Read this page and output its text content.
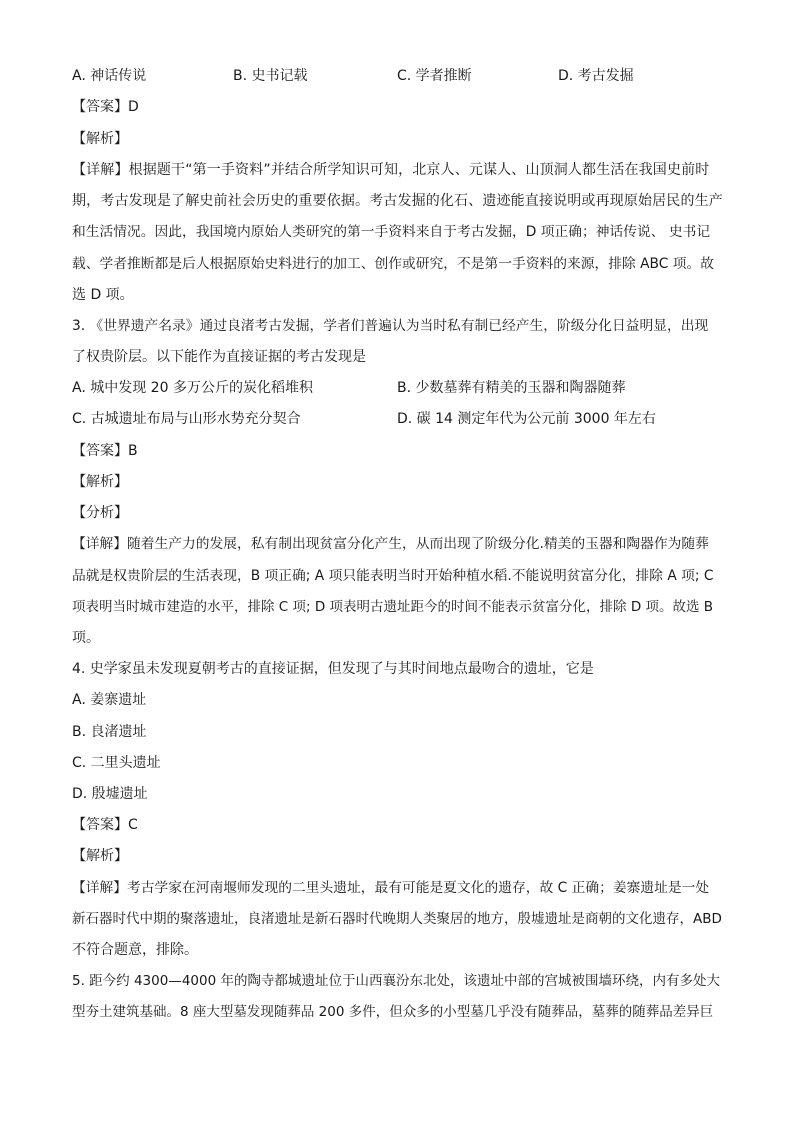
A. 神话传说	B. 史书记载	C. 学者推断	D. 考古发掘
【答案】D
【解析】
【详解】根据题干“第一手资料”并结合所学知识可知，北京人、元谋人、山顶洞人都生活在我国史前时
期，考古发现是了解史前社会历史的重要依据。考古发掘的化石、遗迹能直接说明或再现原始居民的生产
和生活情况。因此，我国境内原始人类研究的第一手资料来自于考古发掘，D 项正确；神话传说、 史书记
载、学者推断都是后人根据原始史料进行的加工、创作或研究，不是第一手资料的来源，排除 ABC 项。故
选 D 项。
3. 《世界遗产名录》通过良渚考古发掘，学者们普遍认为当时私有制已经产生，阶级分化日益明显，出现
了权贵阶层。以下能作为直接证据的考古发现是
A. 城中发现 20 多万公斤的炭化稻堆积	B. 少数墓葬有精美的玉器和陶器随葬
C. 古城遗址布局与山形水势充分契合	D. 碳 14 测定年代为公元前 3000 年左右
【答案】B
【解析】
【分析】
【详解】随着生产力的发展，私有制出现贫富分化产生，从而出现了阶级分化.精美的玉器和陶器作为随葬
品就是权贵阶层的生活表现，B 项正确; A 项只能表明当时开始种植水稻.不能说明贫富分化，排除 A 项; C
项表明当时城市建造的水平，排除 C 项; D 项表明古遗址距今的时间不能表示贫富分化，排除 D 项。故选 B
项。
4. 史学家虽未发现夏朝考古的直接证据，但发现了与其时间地点最吻合的遗址，它是
A. 姜寨遗址
B. 良渚遗址
C. 二里头遗址
D. 殷墟遗址
【答案】C
【解析】
【详解】考古学家在河南堰师发现的二里头遗址，最有可能是夏文化的遗存，故 C 正确；姜寨遗址是一处
新石器时代中期的聚落遗址，良渚遗址是新石器时代晚期人类聚居的地方，殷墟遗址是商朝的文化遗存，ABD
不符合题意，排除。
5. 距今约 4300—4000 年的陶寺都城遗址位于山西襄汾东北处，该遗址中部的宫城被围墙环绕，内有多处大
型夯土建筑基础。8 座大型墓发现随葬品 200 多件，但众多的小型墓几乎没有随葬品，墓葬的随葬品差异巨
